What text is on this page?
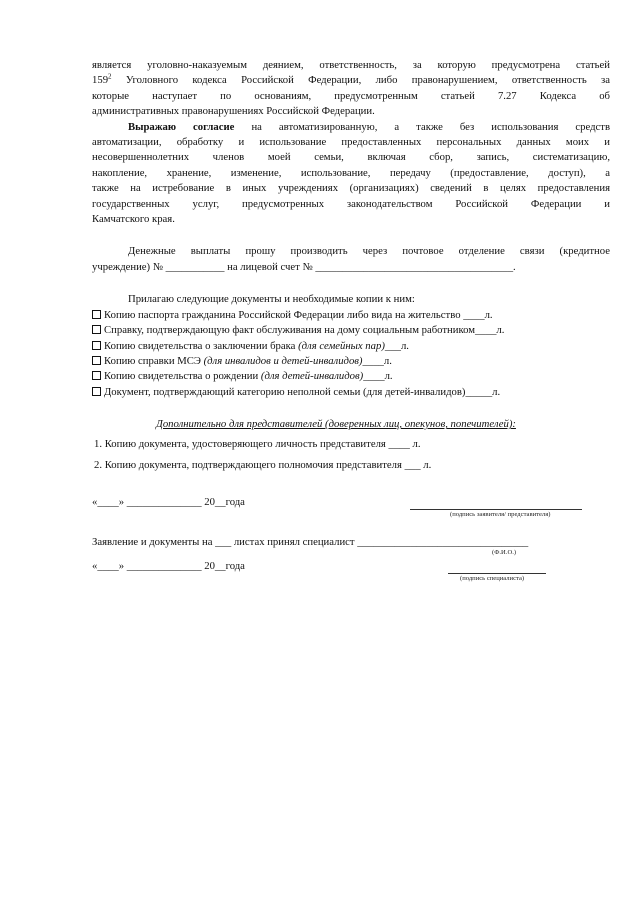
является уголовно-наказуемым деянием, ответственность, за которую предусмотрена статьей

$159^2$ Уголовного кодекса Российской Федерации, либо правонарушением, ответственность за

которые наступает по основаниям, предусмотренным статьей 7.27 Кодекса об

административных правонарушениях Российской Федерации.

Выражаю согласие на автоматизированную, а также без использования средств

автоматизации, обработку и использование предоставленных персональных данных моих и

несовершеннолетних членов моей семьи, включая сбор, запись, систематизацию,

накопление, хранение, изменение, использование, передачу (предоставление, доступ), а

также на истребование в иных учреждениях (организациях) сведений в целях предоставления

государственных услуг, предусмотренных законодательством Российской Федерации и

Камчатского края.

Денежные выплаты прошу производить через почтовое отделение связи (кредитное

учреждение) № ___________ на лицевой счет № _____________________________________.

Прилагаю следующие документы и необходимые копии к ним:

Копию паспорта гражданина Российской Федерации либо вида на жительство ____л.

Справку, подтверждающую факт обслуживания на дому социальным работником____л.

Копию свидетельства о заключении брака (для семейных пар)___л.

Копию справки МСЭ (для инвалидов и детей-инвалидов)____л.

Копию свидетельства о рождении (для детей-инвалидов)____л.

Документ, подтверждающий категорию неполной семьи (для детей-инвалидов)_____л.

Дополнительно для представителей (доверенных лиц, опекунов, попечителей):

1. Копию документа, удостоверяющего личность представителя ____ л.

2. Копию документа, подтверждающего полномочия представителя ___ л.

«____» ______________ 20__года
(подпись заявителя/ представителя)

Заявление и документы на ___ листах принял специалист ________________________________

(Ф.И.О.)
«____» ______________ 20__года
(подпись специалиста)
